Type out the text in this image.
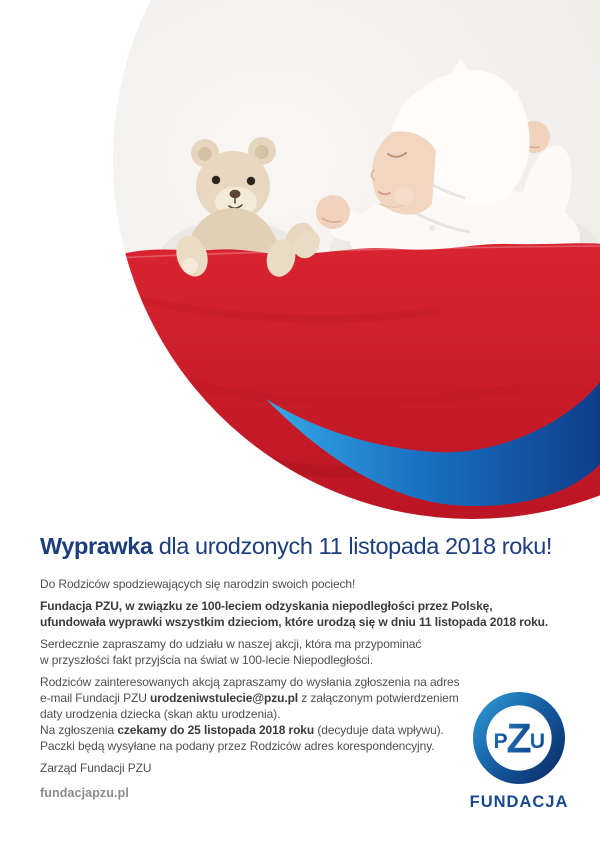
Wyprawka dla urodzonych 11 listopada 2018 roku!
Do Rodziców spodziewających się narodzin swoich pociech!
Fundacja PZU, w związku ze 100-leciem odzyskania niepodległości przez Polskę,
ufundowała wyprawki wszystkim dzieciom, które urodzą się w dniu 11 listopada 2018 roku.
Serdecznie zapraszamy do udziału w naszej akcji, która ma przypominać
w przyszłości fakt przyjścia na świat w 100-lecie Niepodległości.
Rodziców zainteresowanych akcją zapraszamy do wysłania zgłoszenia na adres
e-mail Fundacji PZU urodzeniwstulecie@pzu.pl z załączonym potwierdzeniem
daty urodzenia dziecka (skan aktu urodzenia).
Na zgłoszenia czekamy do 25 listopada 2018 roku (decyduje data wpływu).
Paczki będą wysyłane na podany przez Rodziców adres korespondencyjny.
Zarząd Fundacji PZU
fundacjapzu.pl
P
Z
U
FUNDACJA
